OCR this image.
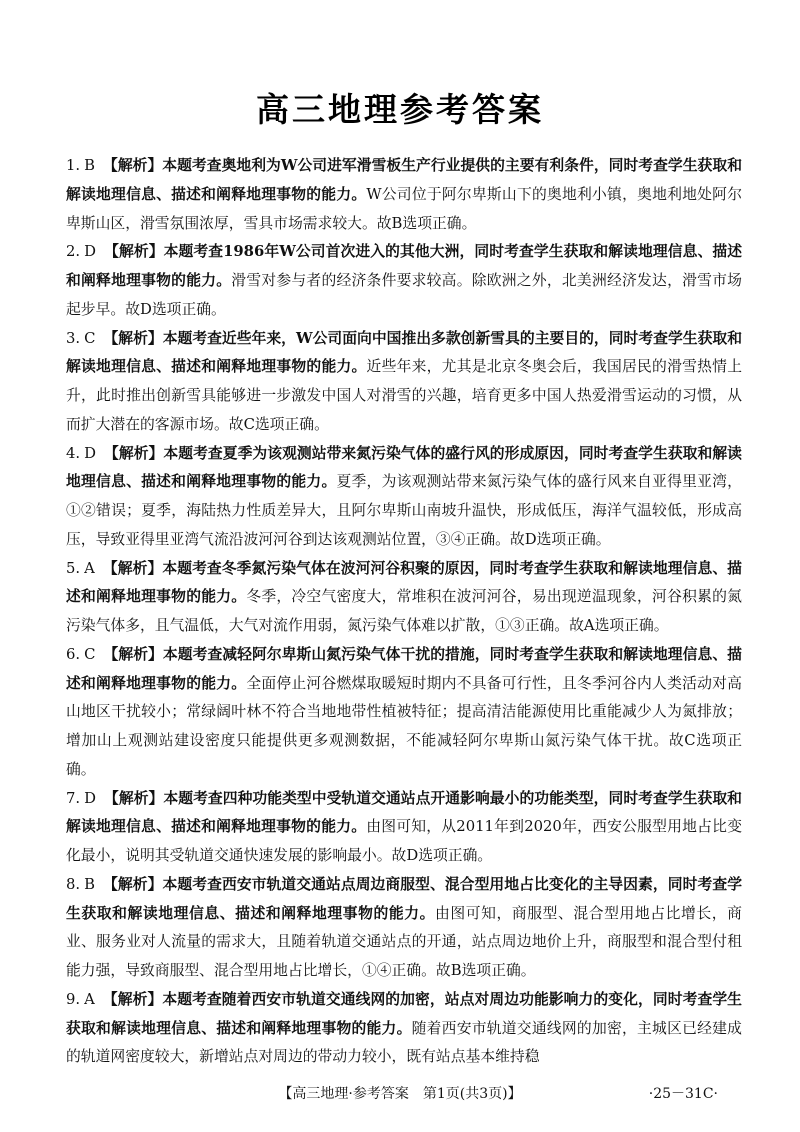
高三地理参考答案

1. B 【解析】本题考查奥地利为W公司进军滑雪板生产行业提供的主要有利条件，同时考查学生获取和解读地理信息、描述和阐释地理事物的能力。W公司位于阿尔卑斯山下的奥地利小镇，奥地利地处阿尔卑斯山区，滑雪氛围浓厚，雪具市场需求较大。故B选项正确。

2. D 【解析】本题考查1986年W公司首次进入的其他大洲，同时考查学生获取和解读地理信息、描述和阐释地理事物的能力。滑雪对参与者的经济条件要求较高。除欧洲之外，北美洲经济发达，滑雪市场起步早。故D选项正确。

3. C 【解析】本题考查近些年来，W公司面向中国推出多款创新雪具的主要目的，同时考查学生获取和解读地理信息、描述和阐释地理事物的能力。近些年来，尤其是北京冬奥会后，我国居民的滑雪热情上升，此时推出创新雪具能够进一步激发中国人对滑雪的兴趣，培育更多中国人热爱滑雪运动的习惯，从而扩大潜在的客源市场。故C选项正确。

4. D 【解析】本题考查夏季为该观测站带来氮污染气体的盛行风的形成原因，同时考查学生获取和解读地理信息、描述和阐释地理事物的能力。夏季，为该观测站带来氮污染气体的盛行风来自亚得里亚湾，①②错误；夏季，海陆热力性质差异大，且阿尔卑斯山南坡升温快，形成低压，海洋气温较低，形成高压，导致亚得里亚湾气流沿波河河谷到达该观测站位置，③④正确。故D选项正确。

5. A 【解析】本题考查冬季氮污染气体在波河河谷积聚的原因，同时考查学生获取和解读地理信息、描述和阐释地理事物的能力。冬季，冷空气密度大，常堆积在波河河谷，易出现逆温现象，河谷积累的氮污染气体多，且气温低，大气对流作用弱，氮污染气体难以扩散，①③正确。故A选项正确。

6. C 【解析】本题考查减轻阿尔卑斯山氮污染气体干扰的措施，同时考查学生获取和解读地理信息、描述和阐释地理事物的能力。全面停止河谷燃煤取暖短时期内不具备可行性，且冬季河谷内人类活动对高山地区干扰较小；常绿阔叶林不符合当地地带性植被特征；提高清洁能源使用比重能减少人为氮排放；增加山上观测站建设密度只能提供更多观测数据，不能减轻阿尔卑斯山氮污染气体干扰。故C选项正确。

7. D 【解析】本题考查四种功能类型中受轨道交通站点开通影响最小的功能类型，同时考查学生获取和解读地理信息、描述和阐释地理事物的能力。由图可知，从2011年到2020年，西安公服型用地占比变化最小，说明其受轨道交通快速发展的影响最小。故D选项正确。

8. B 【解析】本题考查西安市轨道交通站点周边商服型、混合型用地占比变化的主导因素，同时考查学生获取和解读地理信息、描述和阐释地理事物的能力。由图可知，商服型、混合型用地占比增长，商业、服务业对人流量的需求大，且随着轨道交通站点的开通，站点周边地价上升，商服型和混合型付租能力强，导致商服型、混合型用地占比增长，①④正确。故B选项正确。

9. A 【解析】本题考查随着西安市轨道交通线网的加密，站点对周边功能影响力的变化，同时考查学生获取和解读地理信息、描述和阐释地理事物的能力。随着西安市轨道交通线网的加密，主城区已经建成的轨道网密度较大，新增站点对周边的带动力较小，既有站点基本维持稳

【高三地理·参考答案　第1页(共3页)】	·25－31C·
